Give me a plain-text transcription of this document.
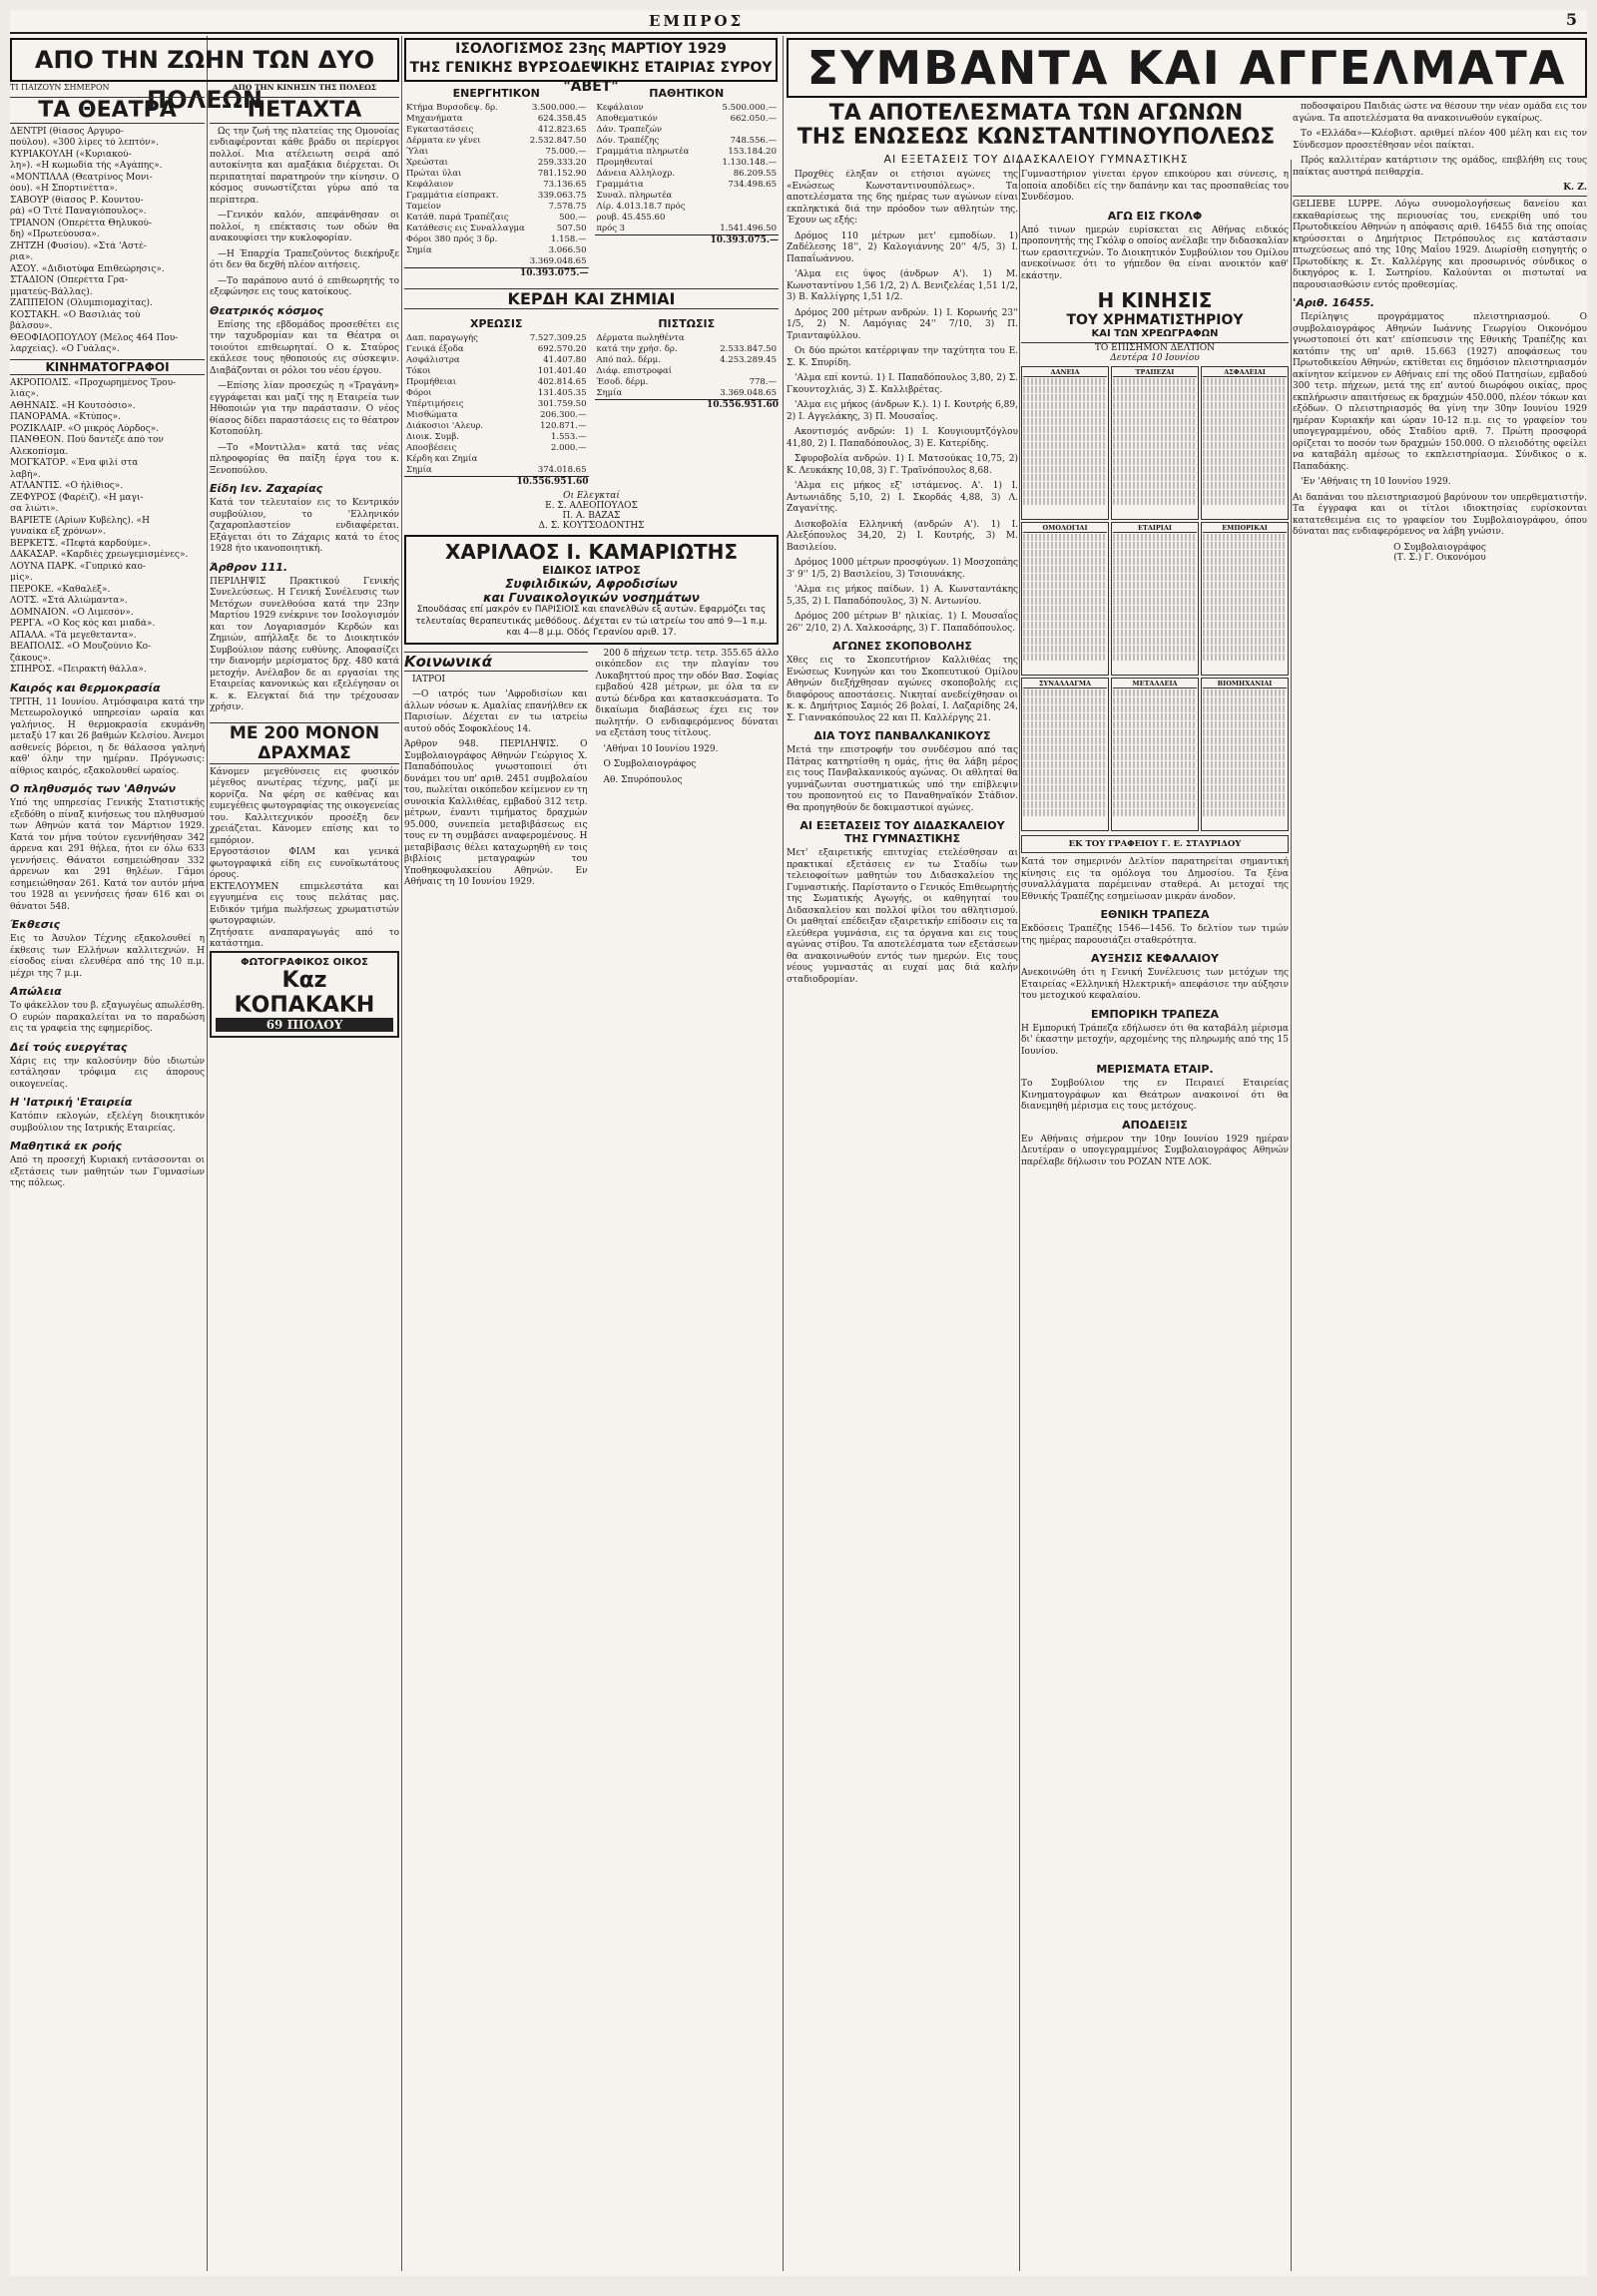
ΕΜΠΡΟΣ	5
ΑΠΟ ΤΗΝ ΖΩΗΝ ΤΩΝ ΔΥΟ ΠΟΛΕΩΝ
ΙΣΟΛΟΓΙΣΜΟΣ 23ης ΜΑΡΤΙΟΥ 1929
ΤΗΣ ΓΕΝΙΚΗΣ ΒΥΡΣΟΔΕΨΙΚΗΣ ΕΤΑΙΡΙΑΣ ΣΥΡΟΥ "ΑΒΕΤ"	ΣΥΜΒΑΝΤΑ ΚΑΙ ΑΓΓΕΛΜΑΤΑ
ΤΙ ΠΑΙΖΟΥΝ ΣΗΜΕΡΟΝ
ΤΑ ΘΕΑΤΡΑ
ΔΕΝΤΡΙ (θίασος Αργυρο-
πούλου). «300 λίρες τό λεπτόν».
ΚΥΡΙΑΚΟΥΛΗ («Κυριακού-
λη»). «Η κωμωδία τής «Αγάπης».
«ΜΟΝΤΙΛΛΑ (Θεατρίνος Μονι-
όου). «Η Σπορτινέττα».
ΣΑΒΟΥΡ (θίασος Ρ. Κουντου-
ρά) «Ο Τιτέ Παναγιόπουλος».
ΤΡΙΑΝΟΝ (Οπερέττα Θηλυκού-
δη) «Πρωτεύουσα».
ΖΗΤΖΗ (Φυσίου). «Στά 'Αστέ-
ρια».
ΑΣΟΥ. «Διδιοτύφα Επιθεώρησις».
ΣΤΑΔΙΟΝ (Οπερέττα Γρα-
μματεύς-Βάλλας).
ΖΑΠΠΕΙΟΝ (Ολυμπιομαχίτας).
ΚΟΣΤΑΚΗ. «Ο Βασιλιάς τού
βάλσου».
ΘΕΟΦΙΛΟΠΟΥΛΟΥ (Μέλος 464 Που-
λαρχείας). «Ο Γυάλας».
ΚΙΝΗΜΑΤΟΓΡΑΦΟΙ
ΑΚΡΟΠΟΛΙΣ. «Προχωρημένος Τρου-
λιάς».
ΑΘΗΝΑΙΣ. «Η Κουτσόσιο».
ΠΑΝΟΡΑΜΑ. «Κτύπος».
ΡΟΖΙΚΛΑΙΡ. «Ο μικρός Λόρδος».
ΠΑΝΘΕΟΝ. Πού δαντέζε άπό τον
Αλεκοπίσμα.
ΜΟΓΚΑΤΟΡ. «Ένα φιλί στα
λαβή».
ΑΤΛΑΝΤΙΣ. «Ο ήλίθιος».
ΖΕΦΥΡΟΣ (Φαρέιζ). «Η μαγι-
σα λιώτι».
ΒΑΡΙΕΤΕ (Αρίων Κυβέλης). «Η
γυναίκα εξ χρόνων».
ΒΕΡΚΕΤΣ. «Πεφτά καρδούμε».
ΔΑΚΑΣΑΡ. «Καρδιές χρεωγεμισμένες».
ΛΟΥΝΑ ΠΑΡΚ. «Γυπρικό καο-
μίς».
ΠΕΡΟΚΕ. «Καθαλέξ».
ΛΟΤΣ. «Στά Αλιώμαντα».
ΔΟΜΝΑΙΟΝ. «Ο Λιμεσόν».
ΡΕΡΓΑ. «Ο Κος κός και μιαδά».
ΑΠΑΛΑ. «Τά μεγεθεταντα».
ΒΕΑΠΟΛΙΣ. «Ο Μουζούνιο Κο-
ζάκους».
ΣΠΗΡΟΣ. «Πειρακτή θάλλα».
Καιρός και θερμοκρασία

ΤΡΙΤΗ, 11 Ιουνίου. Ατμόσφαιρα κατά την Μετεωρολογικό υπηρεσίαν ωραία και γαλήνιος. Η θερμοκρασία εκυμάνθη μεταξύ 17 και 26 βαθμών Κελσίου. Άνεμοι ασθενείς βόρειοι, η δε θάλασσα γαληνή καθ' όλην την ημέραν. Πρόγνωσις: αίθριος καιρός, εξακολουθεί ωραίος.

Ο πληθυσμός των 'Αθηνών

Υπό της υπηρεσίας Γενικής Στατιστικής εξεδόθη ο πίναξ κινήσεως του πληθυσμού των Αθηνών κατά τον Μάρτιον 1929. Κατά τον μήνα τούτον εγεννήθησαν 342 άρρενα και 291 θήλεα, ήτοι εν όλω 633 γεννήσεις. Θάνατοι εσημειώθησαν 332 άρρενων και 291 θηλέων. Γάμοι εσημειώθησαν 261. Κατά τον αυτόν μήνα του 1928 αι γεννήσεις ήσαν 616 και οι θάνατοι 548.

Έκθεσις

Εις το Άσυλον Τέχνης εξακολουθεί η έκθεσις των Ελλήνων καλλιτεχνών. Η είσοδος είναι ελευθέρα από της 10 π.μ. μέχρι της 7 μ.μ.

Απώλεια

Το φάκελλον του β. εξαγωγέως απωλέσθη. Ο ευρών παρακαλείται να το παραδώση εις τα γραφεία της εφημερίδος.

Δεί τούς ευεργέτας

Χάρις εις την καλοσύνην δύο ιδιωτών εστάλησαν τρόφιμα εις άπορους οικογενείας.

Η 'Ιατρική 'Εταιρεία

Κατόπιν εκλογών, εξελέγη διοικητικόν συμβούλιον της Ιατρικής Εταιρείας.

Μαθητικά εκ ροής

Από τη προσεχή Κυριακή εντάσσονται οι εξετάσεις των μαθητών των Γυμνασίων της πόλεως.

ΑΠΟ ΤΗΝ ΚΙΝΗΣΙΝ ΤΗΣ ΠΟΛΕΩΣ
ΠΕΤΑΧΤΑ

Ως την ζωή της πλατείας της Ομονοίας ενδιαφέρονται κάθε βράδυ οι περίεργοι πολλοί. Μια ατέλειωτη σειρά από αυτοκίνητα και αμαξάκια διέρχεται. Οι περιπατηταί παρατηρούν την κίνησιν. Ο κόσμος συνωστίζεται γύρω από τα περίπτερα.

—Γενικόν καλόν, απεφάνθησαν οι πολλοί, η επέκτασις των οδών θα ανακουφίσει την κυκλοφορίαν.

—Η Έπαρχία Τραπεζούντος διεκήρυξε ότι δεν θα δεχθή πλέον αιτήσεις.

—Το παράπονο αυτό ό επιθεωρητής το εξεφώνησε εις τους κατοίκους.

Θεατρικός κόσμος

Επίσης της εβδομάδος προσεθέτει εις την ταχυδρομίαν και τα Θέατρα οι τοιούτοι επιθεωρηταί. Ο κ. Σταύρος εκάλεσε τους ηθοποιούς εις σύσκεψιν. Διαβάζονται οι ρόλοι του νέου έργου.

—Επίσης λίαν προσεχώς η «Τραγάνη» εγγράφεται και μαζί της η Εταιρεία των Ηθοποιών για την παράστασιν. Ο νέος θίασος δίδει παραστάσεις εις το θέατρον Κοτοπούλη.

—Το «Μοντιλλα» κατά τας νέας πληροφορίας θα παίξη έργα του κ. Ξενοπούλου.

Είδη Ιεν. Ζαχαρίας

Κατά τον τελευταίον εις το Κεντρικόν συμβούλιον, το 'Ελληνικόν ζαχαροπλαστείον ενδιαφέρεται. Εξάγεται ότι το Ζάχαρις κατά το έτος 1928 ήτο ικανοποιητική.

Άρθρον 111.

ΠΕΡΙΛΗΨΙΣ Πρακτικού Γενικής Συνελεύσεως. Η Γενική Συνέλευσις των Μετόχων συνελθούσα κατά την 23ην Μαρτίου 1929 ενέκρινε τον Ισολογισμόν και τον Λογαριασμόν Κερδών και Ζημιών, απήλλαξε δε το Διοικητικόν Συμβούλιον πάσης ευθύνης. Αποφασίζει την διανομήν μερίσματος δρχ. 480 κατά μετοχήν. Ανέλαβον δε αι εργασίαι της Εταιρείας κανονικώς και εξελέγησαν οι κ. κ. Ελεγκταί διά την τρέχουσαν χρήσιν.

ΜΕ 200 ΜΟΝΟΝ ΔΡΑΧΜΑΣ

Κάνομεν μεγεθύνσεις εις φυσικόν μέγεθος ανωτέρας τέχνης, μαζί με κορνίζα. Να φέρη σε καθένας και ευμεγέθεις φωτογραφίας της οικογενείας του. Καλλιτεχνικόν προσέξη δεν χρειάζεται. Κάνομεν επίσης και το εμπόριον.

Εργοστάσιον ΦΙΛΜ και γενικά φωτογραφικά είδη εις ευνοϊκωτάτους όρους.

ΕΚΤΕΛΟΥΜΕΝ επιμελεστάτα και εγγυημένα εις τους πελάτας μας. Ειδικόν τμήμα πωλήσεως χρωματιστών φωτογραφιών.

Ζητήσατε αναπαραγωγάς από το κατάστημα.

ΦΩΤΟΓΡΑΦΙΚΟΣ ΟΙΚΟΣ
Kαz ΚΟΠΑΚΑΚΗ
69 ΠΙΟΛΟΥ
ΕΝΕΡΓΗΤΙΚΟΝ
Κτήμα Βυρσοδεψ. δρ.	3.500.000.—
Μηχανήματα	624.358.45
Εγκαταστάσεις	412.823.65
Δέρματα εν γένει	2.532.847.50
Ύλαι	75.000.—
Χρεώσται	259.333.20
Πρώται ύλαι	781.152.90
Κεφάλαιον	73.136.65
Γραμμάτια είσπρακτ.	339.063.75
Ταμείον	7.578.75
Κατάθ. παρά Τραπέζαις	500.—
Κατάθεσις εις Συναλλαγμα	507.50
Φόροι 380 πρός 3 δρ.	1.158.—
Σημία	3.066.50
	3.369.048.65
10.393.075.—
ΠΑΘΗΤΙΚΟΝ
Κεφάλαιον	5.500.000.—
Αποθεματικόν	662.050.—
Δάν. Τραπεζών	
Δόν. Τραπέζης	748.556.—
Γραμμάτια πληρωτέα	153.184.20
Προμηθευταί	1.130.148.—
Δάνεια Αλληλοχρ.	86.209.55
Γραμμάτια	734.498.65
Συναλ. πληρωτέα	
Λίρ. 4.013.18.7 πρός	
ρουβ. 45.455.60	
πρός 3	1.541.496.50
10.393.075.—
ΚΕΡΔΗ ΚΑΙ ΖΗΜΙΑΙ
ΧΡΕΩΣΙΣ
Δαπ. παραγωγής	7.527.309.25
Γενικά έξοδα	692.570.20
Ασφάλιστρα	41.407.80
Τόκοι	101.401.40
Προμήθειαι	402.814.65
Φόροι	131.405.35
Υπέρτιμήσεις	301.759.50
Μισθώματα	206.300.—
Διάκοσιοι 'Αλευρ.	120.871.—
Διοικ. Συμβ.	1.553.—
Αποσβέσεις	2.000.—
Κέρδη και Ζημία	
Σημία	374.018.65
10.556.951.60
ΠΙΣΤΩΣΙΣ
Δέρματα πωληθέντα	
κατά την χρήσ. δρ.	2.533.847.50
Από παλ. δέρμ.	4.253.289.45
Διάφ. επιστροφαί	
Έσοδ. δέρμ.	778.—
Σημία	3.369.048.65
10.556.951.60
Οι Ελεγκταί
Ε. Σ. ΑΛΕΟΠΟΥΛΟΣ
Π. Α. ΒΑΖΑΣ
Δ. Σ. ΚΟΥΤΣΟΔΟΝΤΗΣ
ΧΑΡΙΛΑΟΣ Ι. ΚΑΜΑΡΙΩΤΗΣ
ΕΙΔΙΚΟΣ ΙΑΤΡΟΣ
Συφιλιδικών, Αφροδισίων
και Γυναικολογικών νοσημάτων

Σπουδάσας επί μακρόν εν ΠΑΡΙΣΙΟΙΣ και επανελθών εξ αυτών. Εφαρμόζει τας τελευταίας θεραπευτικάς μεθόδους. Δέχεται εν τώ ιατρείω του από 9—1 π.μ. και 4—8 μ.μ. Οδός Γερανίου αριθ. 17.

Κοινωνικά

ΙΑΤΡΟΙ

—Ο ιατρός των 'Αφροδισίων και άλλων νόσων κ. Αμαλίας επανήλθεν εκ Παρισίων. Δέχεται εν τω ιατρείω αυτού οδός Σοφοκλέους 14.

Άρθρον 948. ΠΕΡΙΛΗΨΙΣ. Ο Συμβολαιογράφος Αθηνών Γεώργιος Χ. Παπαδόπουλος γνωστοποιεί ότι δυνάμει του υπ' αριθ. 2451 συμβολαίου του, πωλείται οικόπεδον κείμενον εν τη συνοικία Καλλιθέας, εμβαδού 312 τετρ. μέτρων, έναντι τιμήματος δραχμών 95.000, συνεπεία μεταβιβάσεως εις τους εν τη συμβάσει αναφερομένους. Η μεταβίβασις θέλει καταχωρηθή εν τοις βιβλίοις μεταγραφών του Υποθηκοφυλακείου Αθηνών. Εν Αθήναις τη 10 Ιουνίου 1929.

200 δ πήχεων τετρ. τετρ. 355.65 άλλο οικόπεδον εις την πλαγίαν του Λυκαβηττού προς την οδόν Βασ. Σοφίας εμβαδού 428 μέτρων, με όλα τα εν αυτώ δένδρα και κατασκευάσματα. Το δικαίωμα διαβάσεως έχει εις τον πωλητήν. Ο ενδιαφερόμενος δύναται να εξετάση τους τίτλους.

'Αθήναι 10 Ιουνίου 1929.

Ο Συμβολαιογράφος

Αθ. Σπυρόπουλος

ΤΑ ΑΠΟΤΕΛΕΣΜΑΤΑ ΤΩΝ ΑΓΩΝΩΝ
ΤΗΣ ΕΝΩΣΕΩΣ ΚΩΝΣΤΑΝΤΙΝΟΥΠΟΛΕΩΣ
ΑΙ ΕΞΕΤΑΣΕΙΣ ΤΟΥ ΔΙΔΑΣΚΑΛΕΙΟΥ ΓΥΜΝΑΣΤΙΚΗΣ

Προχθές έληξαν οι ετήσιοι αγώνες της «Ενώσεως Κωνσταντινουπόλεως». Τα αποτελέσματα της 6ης ημέρας των αγώνων είναι εκπληκτικά διά την πρόοδον των αθλητών της. Έχουν ως εξής:

Δρόμος 110 μέτρων μετ' εμποδίων. 1) Ζαδέλεσης 18'', 2) Καλογιάννης 20'' 4/5, 3) Ι. Παπαΐωάννου.

'Αλμα εις ύψος (άνδρων Α'). 1) Μ. Κωνσταντίνου 1,56 1/2, 2) Λ. Βενιζελέας 1,51 1/2, 3) Β. Καλλίγρης 1,51 1/2.

Δρόμος 200 μέτρων ανδρών. 1) Ι. Κορωνής 23'' 1/5, 2) Ν. Λαμόγιας 24'' 7/10, 3) Π. Τριανταφύλλου.

Οι δύο πρώτοι κατέρριψαν την ταχύτητα του Ε. Σ. Κ. Σπυρίδη.

'Αλμα επί κοντώ. 1) Ι. Παπαδόπουλος 3,80, 2) Σ. Γκουντοχλιάς, 3) Σ. Καλλιβρέτας.

'Αλμα εις μήκος (άνδρων Κ.). 1) Ι. Κουτρής 6,89, 2) Ι. Αγγελάκης, 3) Π. Μουσαΐος.

Ακοντισμός ανδρών: 1) Ι. Κουγιουμτζόγλου 41,80, 2) Ι. Παπαδόπουλος, 3) Ε. Κατερίδης.

Σφυροβολία ανδρών. 1) Ι. Ματσούκας 10,75, 2) Κ. Λευκάκης 10,08, 3) Γ. Τραϊνόπουλος 8,68.

'Αλμα εις μήκος εξ' ιστάμενος. Α'. 1) Ι. Αντωνιάδης 5,10, 2) Ι. Σκορδάς 4,88, 3) Λ. Ζαγανίτης.

Δισκοβολία Ελληνική (ανδρών Α'). 1) Ι. Αλεξόπουλος 34,20, 2) Ι. Κουτρής, 3) Μ. Βασιλείου.

Δρόμος 1000 μέτρων προσφύγων. 1) Μοσχοπάης 3' 9'' 1/5, 2) Βασιλείου, 3) Τσιουνάκης.

'Αλμα εις μήκος παίδων. 1) Α. Κωνσταντάκης 5,35, 2) Ι. Παπαδόπουλος, 3) Ν. Αντωνίου.

Δρόμος 200 μέτρων Β' ηλικίας. 1) Ι. Μουσαΐος 26'' 2/10, 2) Λ. Χαλκοσάρης, 3) Γ. Παπαδόπουλος.

ΑΓΩΝΕΣ ΣΚΟΠΟΒΟΛΗΣ

Χθες εις το Σκοπευτήριον Καλλιθέας της Ενώσεως Κυνηγών και του Σκοπευτικού Ομίλου Αθηνών διεξήχθησαν αγώνες σκοποβολής εις διαφόρους αποστάσεις. Νικηταί ανεδείχθησαν οι κ. κ. Δημήτριος Σαμιός 26 βολαί, Ι. Λαζαρίδης 24, Σ. Γιαννακόπουλος 22 και Π. Καλλέργης 21.

ΔΙΑ ΤΟΥΣ ΠΑΝΒΑΛΚΑΝΙΚΟΥΣ

Μετά την επιστροφήν του συνδέσμου από τας Πάτρας κατηρτίσθη η ομάς, ήτις θα λάβη μέρος εις τους Πανβαλκανικούς αγώνας. Οι αθληταί θα γυμνάζωνται συστηματικώς υπό την επίβλεψιν του προπονητού εις το Παναθηναϊκόν Στάδιον. Θα προηγηθούν δε δοκιμαστικοί αγώνες.

ΑΙ ΕΞΕΤΑΣΕΙΣ ΤΟΥ ΔΙΔΑΣΚΑΛΕΙΟΥ ΤΗΣ ΓΥΜΝΑΣΤΙΚΗΣ

Μετ' εξαιρετικής επιτυχίας ετελέσθησαν αι πρακτικαί εξετάσεις εν τω Σταδίω των τελειοφοίτων μαθητών του Διδασκαλείου της Γυμναστικής. Παρίσταντο ο Γενικός Επιθεωρητής της Σωματικής Αγωγής, οι καθηγηταί του Διδασκαλείου και πολλοί φίλοι του αθλητισμού. Οι μαθηταί επέδειξαν εξαιρετικήν επίδοσιν εις τα ελεύθερα γυμνάσια, εις τα όργανα και εις τους αγώνας στίβου. Τα αποτελέσματα των εξετάσεων θα ανακοινωθούν εντός των ημερών. Εις τους νέους γυμναστάς αι ευχαί μας διά καλήν σταδιοδρομίαν.

Γυμναστήριον γίνεται έργον επικούρου και σύνεσις, η οποία αποδίδει είς την δαπάνην και τας προσπαθείας του Συνδέσμου.

ΑΓΩ ΕΙΣ ΓΚΟΛΦ

Από τινων ημερών ευρίσκεται εις Αθήνας ειδικός προπονητής της Γκόλφ ο οποίος ανέλαβε την διδασκαλίαν των ερασιτεχνών. Το Διοικητικόν Συμβούλιον του Ομίλου ανεκοίνωσε ότι το γήπεδον θα είναι ανοικτόν καθ' εκάστην.

Η ΚΙΝΗΣΙΣ
ΤΟΥ ΧΡΗΜΑΤΙΣΤΗΡΙΟΥ
ΚΑΙ ΤΩΝ ΧΡΕΩΓΡΑΦΩΝ
ΤΟ ΕΠΙΣΗΜΟΝ ΔΕΛΤΙΟΝ
Δευτέρα 10 Ιουνίου
ΔΑΝΕΙΑ	ΤΡΑΠΕΖΑΙ	ΑΣΦΑΛΕΙΑΙ
ΟΜΟΛΟΓΙΑΙ	ΕΤΑΙΡΙΑΙ	ΕΜΠΟΡΙΚΑΙ
ΣΥΝΑΛΛΑΓΜΑ	ΜΕΤΑΛΛΕΙΑ	ΒΙΟΜΗΧΑΝΙΑΙ
ΕΚ ΤΟΥ ΓΡΑΦΕΙΟΥ Γ. Ε. ΣΤΑΥΡΙΔΟΥ

Κατά τον σημερινόν Δελτίον παρατηρείται σημαντική κίνησις εις τα ομόλογα του Δημοσίου. Τα ξένα συναλλάγματα παρέμειναν σταθερά. Αι μετοχαί της Εθνικής Τραπέζης εσημείωσαν μικράν άνοδον.

ΕΘΝΙΚΗ ΤΡΑΠΕΖΑ

Εκδόσεις Τραπέζης 1546—1456. Το δελτίον των τιμών της ημέρας παρουσιάζει σταθερότητα.

ΑΥΞΗΣΙΣ ΚΕΦΑΛΑΙΟΥ

Ανεκοινώθη ότι η Γενική Συνέλευσις των μετόχων της Εταιρείας «Ελληνική Ηλεκτρική» απεφάσισε την αύξησιν του μετοχικού κεφαλαίου.

ΕΜΠΟΡΙΚΗ ΤΡΑΠΕΖΑ

Η Εμπορική Τράπεζα εδήλωσεν ότι θα καταβάλη μέρισμα δι' έκαστην μετοχήν, αρχομένης της πληρωμής από της 15 Ιουνίου.

ΜΕΡΙΣΜΑΤΑ ΕΤΑΙΡ.

Το Συμβούλιον της εν Πειραιεί Εταιρείας Κινηματογράφων και Θεάτρων ανακοινοί ότι θα διανεμηθή μέρισμα εις τους μετόχους.

ΑΠΟΔΕΙΞΙΣ

Εν Αθήναις σήμερον την 10ην Ιουνίου 1929 ημέραν Δευτέραν ο υπογεγραμμένος Συμβολαιογράφος Αθηνών παρέλαβε δήλωσιν του ΡΟΖΑΝ ΝΤΕ ΛΟΚ.

ποδοσφαίρου Παιδιάς ώστε να θέσουν την νέαν ομάδα εις τον αγώνα. Τα αποτελέσματα θα ανακοινωθούν εγκαίρως.

Το «Ελλάδα»—Κλέοβιστ. αριθμεί πλέον 400 μέλη και εις τον Σύνδεσμον προσετέθησαν νέοι παίκται.

Πρός καλλιτέραν κατάρτισιν της ομάδος, επεβλήθη εις τους παίκτας αυστηρά πειθαρχία.

Κ. Ζ.

GELIEBE LUPPE. Λόγω συνομολογήσεως δανείου και εκκαθαρίσεως της περιουσίας του, ενεκρίθη υπό του Πρωτοδικείου Αθηνών η απόφασις αριθ. 16455 διά της οποίας κηρύσσεται ο Δημήτριος Πετρόπουλος εις κατάστασιν πτωχεύσεως από της 10ης Μαΐου 1929. Διωρίσθη εισηγητής ο Πρωτοδίκης κ. Στ. Καλλέργης και προσωρινός σύνδικος ο δικηγόρος κ. Ι. Σωτηρίου. Καλούνται οι πιστωταί να παρουσιασθώσιν εντός προθεσμίας.

'Αριθ. 16455.

Περίληψις προγράμματος πλειστηριασμού. Ο συμβολαιογράφος Αθηνών Ιωάννης Γεωργίου Οικονόμου γνωστοποιεί ότι κατ' επίσπευσιν της Εθνικής Τραπέζης και κατόπιν της υπ' αριθ. 15.663 (1927) αποφάσεως του Πρωτοδικείου Αθηνών, εκτίθεται εις δημόσιον πλειστηριασμόν ακίνητον κείμενον εν Αθήναις επί της οδού Πατησίων, εμβαδού 300 τετρ. πήχεων, μετά της επ' αυτού διωρόφου οικίας, προς εκπλήρωσιν απαιτήσεως εκ δραχμών 450.000, πλέον τόκων και εξόδων. Ο πλειστηριασμός θα γίνη την 30ην Ιουνίου 1929 ημέραν Κυριακήν και ώραν 10-12 π.μ. εις το γραφείον του υπογεγραμμένου, οδός Σταδίου αριθ. 7. Πρώτη προσφορά ορίζεται το ποσόν των δραχμών 150.000. Ο πλειοδότης οφείλει να καταβάλη αμέσως το εκπλειστηρίασμα. Σύνδικος ο κ. Παπαδάκης.

'Εν 'Αθήναις τη 10 Ιουνίου 1929.

Αι δαπάναι του πλειστηριασμού βαρύνουν τον υπερθεματιστήν. Τα έγγραφα και οι τίτλοι ιδιοκτησίας ευρίσκονται κατατεθειμένα εις το γραφείον του Συμβολαιογράφου, όπου δύναται πας ενδιαφερόμενος να λάβη γνώσιν.

Ο Συμβολαιογράφος
(Τ. Σ.) Γ. Οικονόμου
